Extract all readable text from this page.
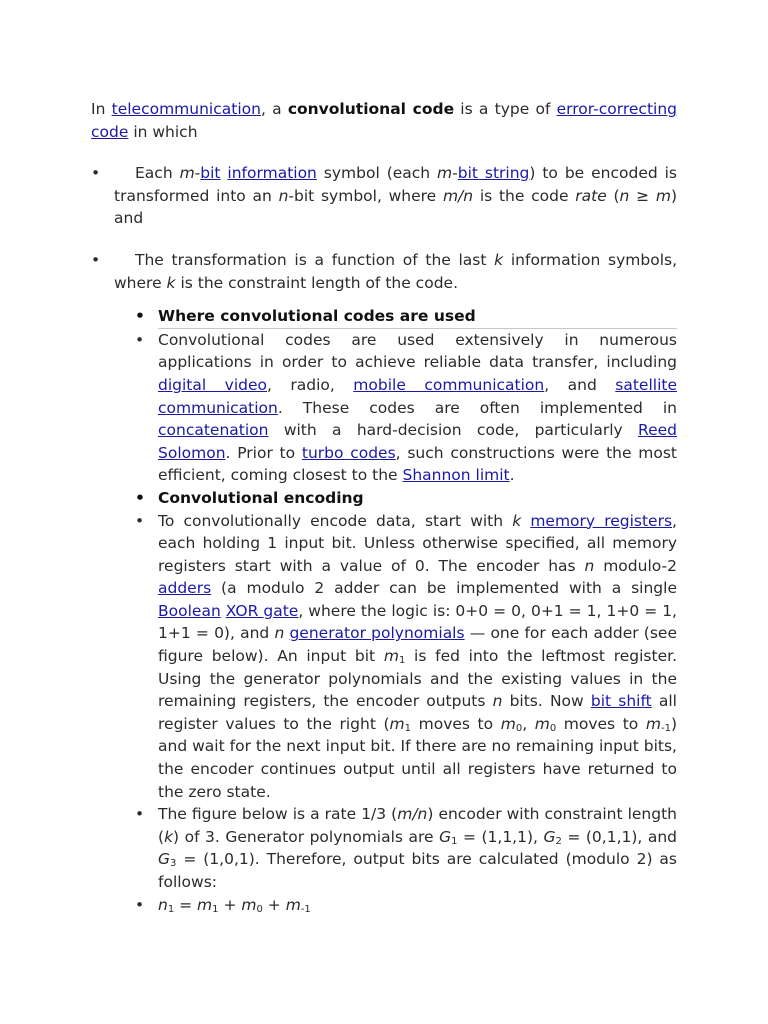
In telecommunication, a convolutional code is a type of error-correcting code in which

• Each m-bit information symbol (each m-bit string) to be encoded is transformed into an n-bit symbol, where m/n is the code rate (n ≥ m) and
• The transformation is a function of the last k information symbols, where k is the constraint length of the code.
• Where convolutional codes are used
• Convolutional codes are used extensively in numerous applications in order to achieve reliable data transfer, including digital video, radio, mobile communication, and satellite communication. These codes are often implemented in concatenation with a hard-decision code, particularly Reed Solomon. Prior to turbo codes, such constructions were the most efficient, coming closest to the Shannon limit.
• Convolutional encoding
• To convolutionally encode data, start with k memory registers, each holding 1 input bit. Unless otherwise specified, all memory registers start with a value of 0. The encoder has n modulo-2 adders (a modulo 2 adder can be implemented with a single Boolean XOR gate, where the logic is: 0+0 = 0, 0+1 = 1, 1+0 = 1, 1+1 = 0), and n generator polynomials — one for each adder (see figure below). An input bit $m_1$ is fed into the leftmost register. Using the generator polynomials and the existing values in the remaining registers, the encoder outputs n bits. Now bit shift all register values to the right ($m_1$ moves to $m_0$, $m_0$ moves to $m_{-1}$) and wait for the next input bit. If there are no remaining input bits, the encoder continues output until all registers have returned to the zero state.
• The figure below is a rate 1/3 (m/n) encoder with constraint length (k) of 3. Generator polynomials are $G_1 = (1,1,1)$, $G_2 = (0,1,1)$, and $G_3 = (1,0,1)$. Therefore, output bits are calculated (modulo 2) as follows:
• $n_1 = m_1 + m_0 + m_{-1}$
